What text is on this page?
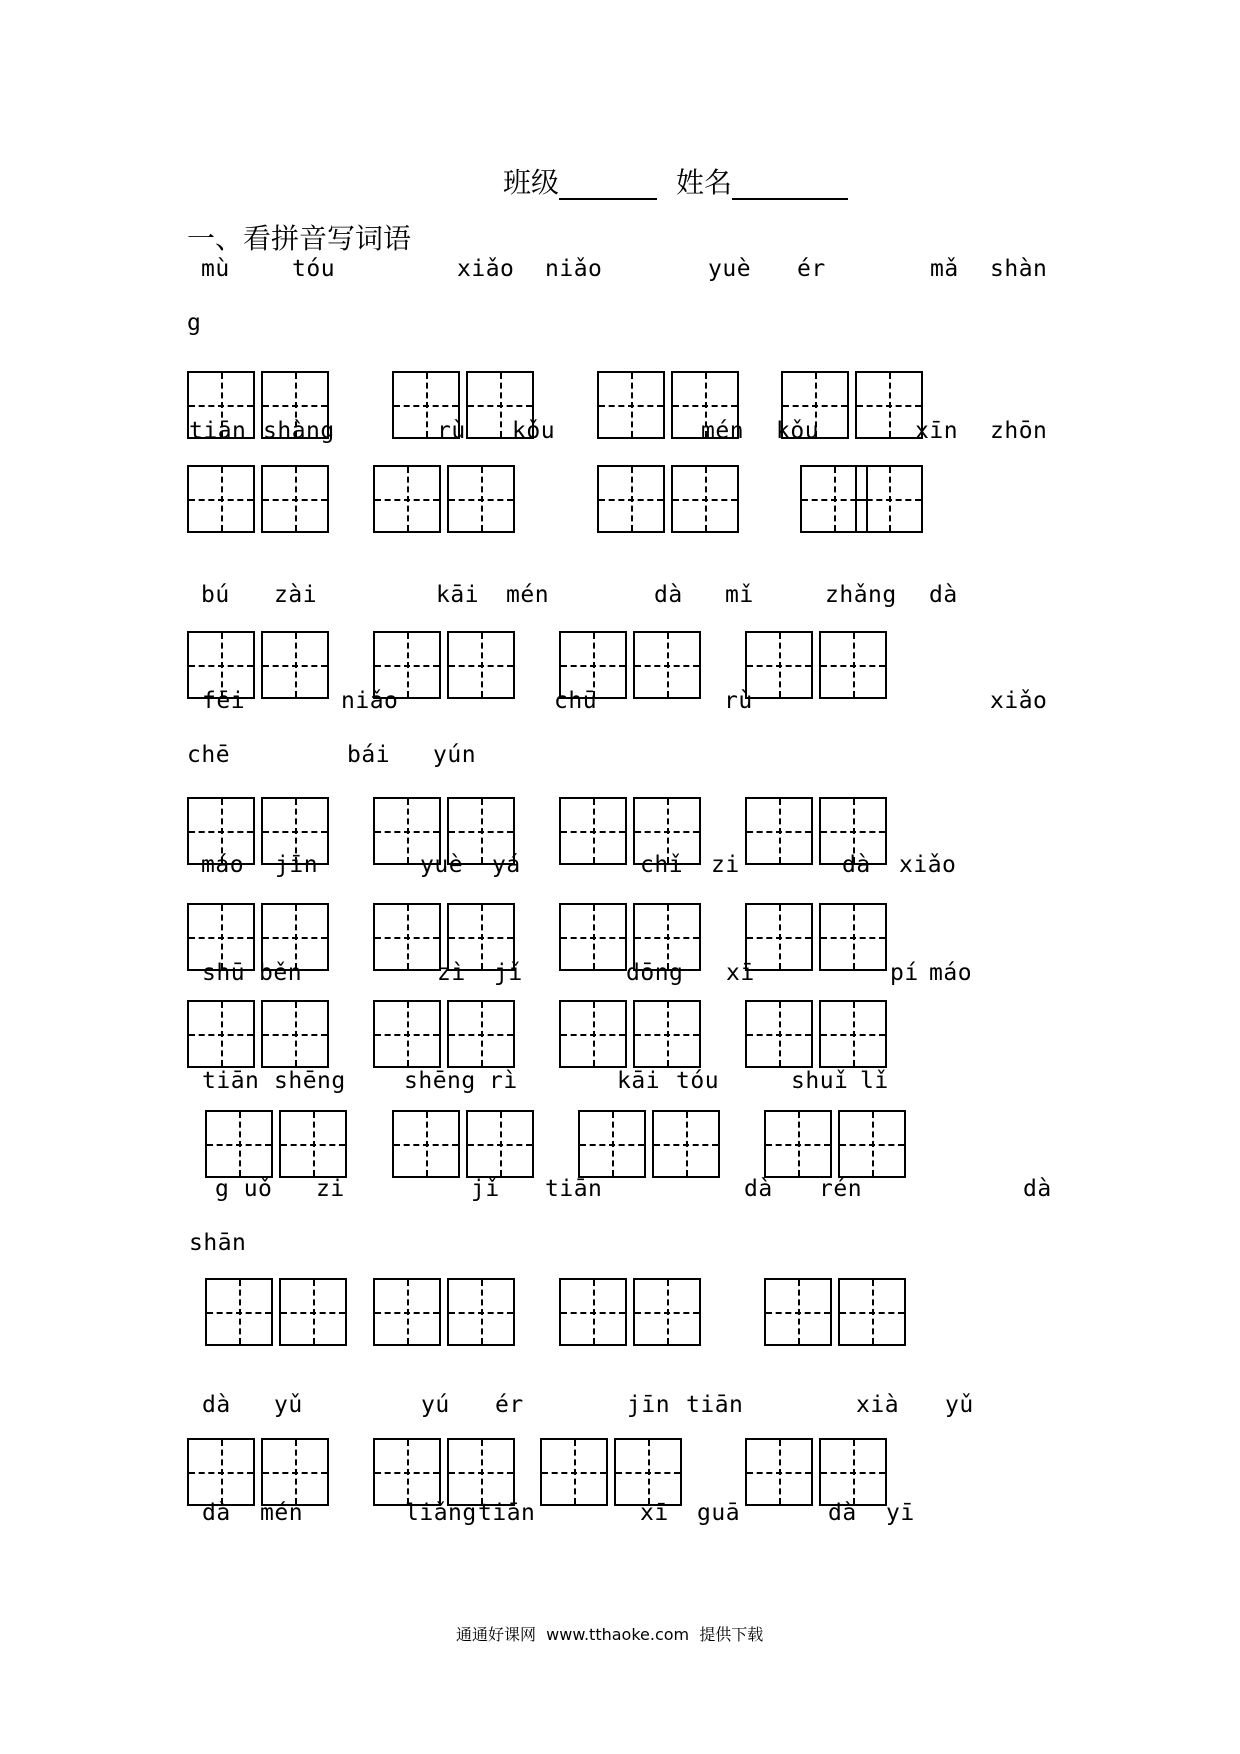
班级	姓名
一、看拼音写词语
mù	tóu	xiǎo niǎo	yuè ér	mǎ shàn
g
tiān shàng	rù kǒu	mén kǒu	xīn zhōn
bú zài	kāi mén	dà mǐ	zhǎng dà
fēi	niǎo	chū	rù	xiǎo
chē	bái yún
máo jīn	yuè yá	chǐ zi	dà xiǎo
shū běn	zì jǐ	dōng xī	pí máo
tiān shēng	shēng rì	kāi tóu	shuǐ lǐ
g uǒ zi	jǐ tiān	dà rén	dà
shān
dà yǔ	yú ér	jīn tiān	xià yǔ
dà mén	liǎng tiān	xī guā	dà yī
通通好课网  www.tthaoke.com  提供下载
